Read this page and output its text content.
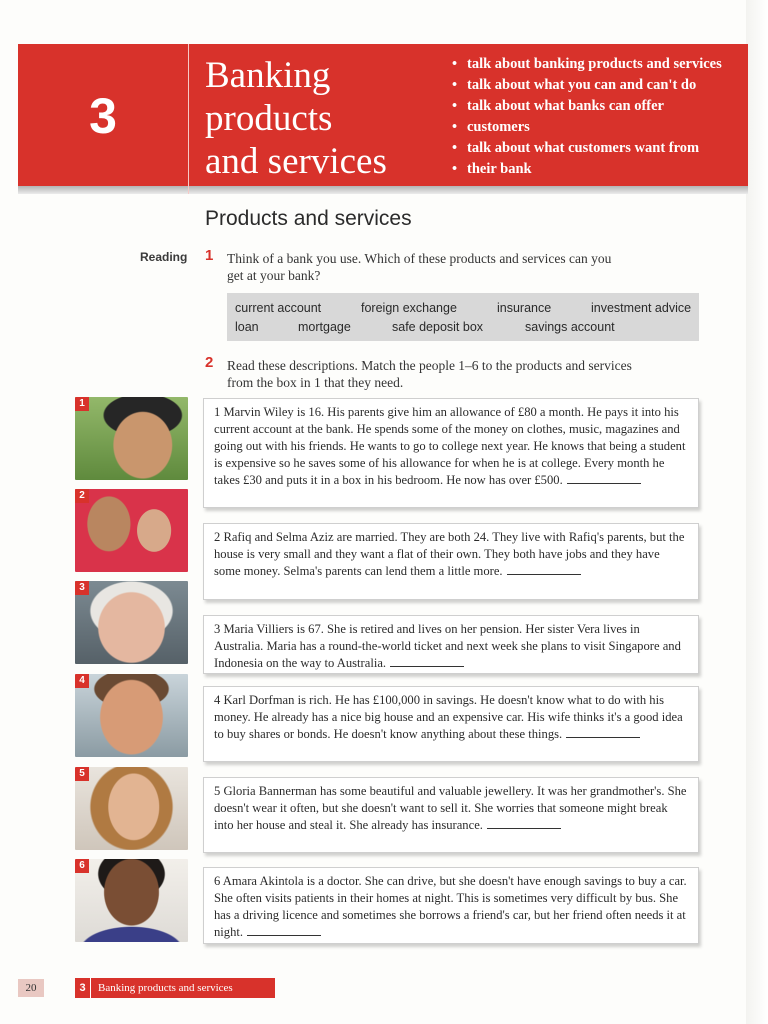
3
Banking
products
and services
• talk about banking products and services
• talk about what you can and can't do
• talk about what banks can offer
• customers
• talk about what customers want from
• their bank
Products and services
Reading 1 Think of a bank you use. Which of these products and services can you
get at your bank?
current account	foreign exchange	insurance	investment advice
loan	mortgage	safe deposit box	savings account
2 Read these descriptions. Match the people 1–6 to the products and services
from the box in 1 that they need.
1
2
3
4
5
6
1 Marvin Wiley is 16. His parents give him an allowance of £80 a month. He pays it into his current account at the bank. He spends some of the money on clothes, music, magazines and going out with his friends. He wants to go to college next year. He knows that being a student is expensive so he saves some of his allowance for when he is at college. Every month he takes £30 and puts it in a box in his bedroom. He now has over £500.
2 Rafiq and Selma Aziz are married. They are both 24. They live with Rafiq's parents, but the house is very small and they want a flat of their own. They both have jobs and they have some money. Selma's parents can lend them a little more.
3 Maria Villiers is 67. She is retired and lives on her pension. Her sister Vera lives in Australia. Maria has a round-the-world ticket and next week she plans to visit Singapore and Indonesia on the way to Australia.
4 Karl Dorfman is rich. He has £100,000 in savings. He doesn't know what to do with his money. He already has a nice big house and an expensive car. His wife thinks it's a good idea to buy shares or bonds. He doesn't know anything about these things.
5 Gloria Bannerman has some beautiful and valuable jewellery. It was her grandmother's. She doesn't wear it often, but she doesn't want to sell it. She worries that someone might break into her house and steal it. She already has insurance.
6 Amara Akintola is a doctor. She can drive, but she doesn't have enough savings to buy a car. She often visits patients in their homes at night. This is sometimes very difficult by bus. She has a driving licence and sometimes she borrows a friend's car, but her friend often needs it at night.
20	3 Banking products and services
